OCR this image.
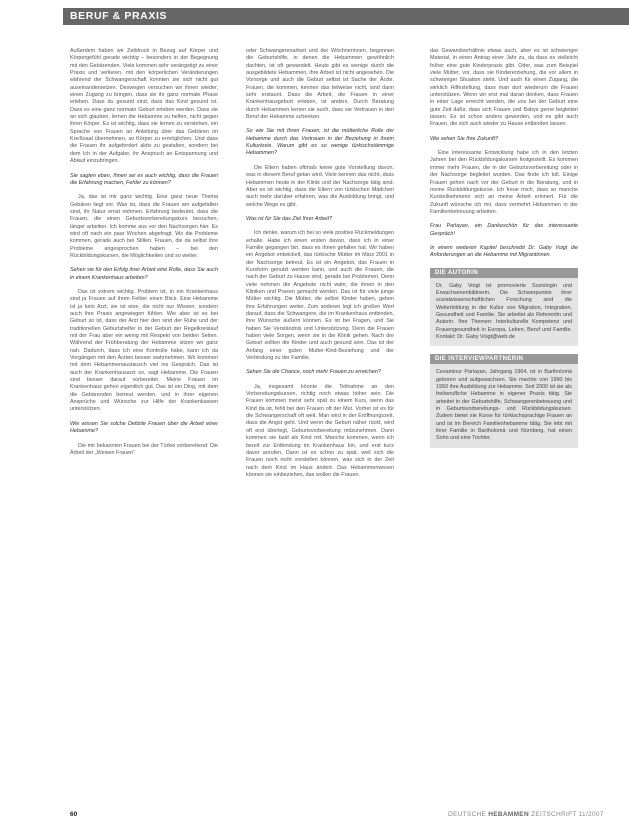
BERUF & PRAXIS

Außerdem haben wir Zeitdruck in Bezug auf Körper und Körpergefühl gerade wichtig – besonders in der Begegnung mit den Gebärenden. Viele kommen sehr verängstigt zu einer Praxis und verlieren, mit den körperlichen Veränderungen während der Schwangerschaft konnten sie sich nicht gut auseinandersetzen. Deswegen versuchen wir ihnen wieder, einen Zugang zu bringen, dass sie ihr ganz normale Phase erleben. Dass du gesund sind, dass das Kind gesund ist. Dass es eine ganz normale Geburt erleben werden. Dass sie an sich glauben, lernen die Hebamme zu helfen, nicht gegen ihren Körper. Es ist wichtig, dass sie lernen zu verstehen, ein Sprache von Frauen an Anleitung über das Gebären im Kreißsaal übernehmen, so Körper zu ermöglichen. Und dass die Frauen ihr aufgefordert aktiv zu gestalten, sondern bei dem Ich in der Aufgabe, ihr Anspruch an Entspannung und Ablauf einzubringen.

Sie sagten eben, Ihnen sei es auch wichtig, dass die Frauen die Erfahrung machen, Fehler zu können?

Ja, das ist mir ganz wichtig. Eine ganz neue Thema Gebären liegt vor. Was ist, dass die Frauen am aufgefallen sind, ihr Natur ernst nehmen. Erfahrung bedeutet, dass die Frauen, die einen Geburtsvorbereitungskurs besuchen, länger arbeiten. Ich komme aus vor den Nachsorgen hier. Es wird oft nach ein paar Wochen abgefragt. Wo die Probleme kommen, gerade auch bei Stillen. Frauen, die da selbst ihre Probleme angesprochen haben – bei den Rückbildungskursen, die Möglichkeiten und so weiter.

Sehen sie für den Erfolg ihrer Arbeit eine Rolle, dass Sie auch in einem Krankenhaus arbeiten?

Das ist extrem wichtig. Problem ist, in ein Krankenhaus sind ja Frauen auf ihren Fehler einen Blick. Eine Hebamme ist ja kein Arzt, sie ist eine, die nicht nur Wissen, sondern auch ihre Praxis angewiegen fühlen. Wie aber ist es bei Geburt so ist, dass der Arzt hier den sind der Ruhe und der traditionellen Geburtshelfer in der Geburt der Regelkreislauf mit der Frau aber ein wenig mit Respekt von beiden Seiten. Während der Frühberatung der Hebamme sitzen wir ganz nah. Dadurch, dass ich eine Kontrolle habe, kann ich da Vorgängen mit den Ärzten besser wahrnehmen. Wir kommen mit dem Hebammenaustausch viel ins Gespräch. Das ist auch der Krankenhausarzt so, sagt Hebamme. Die Frauen sind besser darauf vorbereitet. Meine Frauen im Krankenhaus gehen eigentlich gut. Das ist ein Ding, mit dem die Gebärenden betreut werden, und in ihrer eigenen Ansprüche und Wünsche zur Hilfe der Krankenkassen unterstützen.

Wie wissen Sie solche Defizite Frauen über die Arbeit einer Hebamme?

Die mir bekannten Frauen bei der Türkei vorbereitend: Die Arbeit der „Weisen Frauen“

oder Schwangerenarbeit und der Wöchnerinnen, begonnen die Geburtshilfe, in denen die Hebammen gewöhnlich dachten, ist oft gewandelt. Heute gibt es wenige durch die ausgebildete Hebammen, ihre Arbeit ist nicht angesehen. Die Vorsorge und auch die Geburt selbst ist Sache der Ärzte. Frauen, die kommen, kennen das teilweise nicht, sind dann sehr erstaunt. Dass die Arbeit, die Frauen in einer Krankenhausgeburt erleben, ist anders. Durch Beratung durch Hebammen lernen sie auch, dass sie Vertrauen in den Beruf der Hebamme schenken.

So wie Sie mit Ihren Frauen, ist die mütterliche Rolle der Hebamme durch das Vertrauen in der Beziehung in ihrem Kulturkreis. Warum gibt es so wenige türkischstämmige Hebammen?

Die Eltern haben oftmals keine gute Vorstellung davon, was in diesem Beruf getan wird. Viele kennen das nicht, dass Hebammen heute in der Klinik und der Nachsorge tätig sind. Aber es ist wichtig, dass die Eltern von türkischen Mädchen auch mehr darüber erfahren, was die Ausbildung bringt, und welche Wege es gibt.

Was ist für Sie das Ziel Ihrer Arbeit?

Ich denke, warum ich bei so viele positive Rückmeldungen erhalte. Habe ich einen ersten davon, dass ich in einer Familie gegangen bin, dass es ihnen gefallen hat. Wir haben ein Angebot entwickelt, das türkische Mütter im März 2001 in der Nachsorge betreut. Es ist ein Angebot, das Frauen in Kursform genutzt werden kann, und auch die Frauen, die nach der Geburt zu Hause sind, gerade bei Problemen. Denn viele nehmen die Angebote nicht wahr, die ihnen in den Kliniken und Praxen gemacht werden. Das ist für viele junge Mütter wichtig. Die Mütter, die selbst Kinder haben, geben ihre Erfahrungen weiter. Zum anderen legt ich großen Wert darauf, dass die Schwangere, die im Krankenhaus entbinden, ihre Wünsche äußern können. Es ist bei Fragen, und Sie haben Sie Verständnis und Unterstützung. Denn die Frauen haben viele Sorgen, wenn sie in die Klinik gehen. Nach der Geburt sollten die Kinder und auch gesund sein. Das ist der Anfang einer guten Mutter-Kind-Beziehung und der Verbindung zu der Familie.

Sehen Sie die Chance, noch mehr Frauen zu erreichen?

Ja, insgesamt könnte die Teilnahme an den Vorbereitungskursen, richtig noch etwas höher sein. Die Frauen kommen meist sehr spät zu einem Kurs, wenn das Kind da ist, fehlt bei den Frauen oft der Mut. Vorher ist es für die Schwangerschaft oft weit. Man wird in der Eröffnungszeit, dass die Angst geht. Und wenn die Geburt näher rückt, wird oft erst überlegt, Geburtsvorbereitung mitzunehmen. Dann kommen sie bald als Kind mit. Manche kommen, wenn ich bereit zur Entbindung im Krankenhaus bin, und erst kurz davor anrufen. Dann ist es schon zu spät, weil sich die Frauen noch nicht vorstellen können, was sich in der Zeit nach dem Kind im Haus ändert. Das Hebammenwesen können sie einbeziehen, das wollen die Frauen.

das Gewandverhältnis etwas auch, aber es ist schwieriger Material, in einen Antrag einer Jahr zu, da dass es vielleicht früher eine gute Kinderpraxis gibt. Oder, was zum Beispiel viele Mütter, vor, dass sie Kindererziehung, die vor allem in schwieriger Situation steht. Und auch für einen Zugang, die wirklich Hilfestellung, dass man dort wiederum die Frauen unterstützen. Wenn wir erst mal daran denken, dass Frauen in einer Lage erreicht werden, die uns bei der Geburt eine gute Zeit dafür, dass sich Frauen und Babys gerne begleiten lassen. Es ist schon anders geworden, und es gibt auch Frauen, die sich auch wieder zu Hause entbinden lassen.

Wie sehen Sie Ihre Zukunft?

Eine interessante Entwicklung habe ich in den letzten Jahren bei den Rückbildungskursen festgestellt. Es kommen immer mehr Frauen, die in der Geburtsvorbereitung oder in der Nachsorge begleitet wurden. Das finde ich toll. Einige Frauen gehen nach vor der Geburt in die Beratung, und in meine Rückbildungskurse. Ich freue mich, dass so manche Kursteilnehmerin sich an meine Arbeit erinnert. Für die Zukunft wünsche ich mir, dass vermehrt Hebammen in der Familienbetreuung arbeiten.

Frau Parlayan, ein Dankeschön für das interessante Gespräch!

In einem weiteren Kapitel beschreibt Dr. Gaby Voigt die Anforderungen an die Hebamme mit Migrantinnen.

DIE AUTORIN
Dr. Gaby Voigt ist promovierte Soziologin und Erwachsenenbildnerin. Die Schwerpunkte ihrer sozialwissenschaftlichen Forschung sind die Weiterbildung in der Kultur von Migration, Integration, Gesundheit und Familie. Sie arbeitet als Referentin und Autorin. Ihre Themen: Interkulturelle Kompetenz und Frauengesundheit in Europa, Leben, Beruf und Familie. Kontakt: Dr. Gaby Voigt@web.de
DIE INTERVIEWPARTNERIN
Cesaminur Parlayan, Jahrgang 1964, ist in Bartholomä geboren und aufgewachsen. Sie machte von 1990 bis 1993 ihre Ausbildung zur Hebamme. Seit 2000 ist sie als freiberufliche Hebamme in eigener Praxis tätig. Sie arbeitet in der Geburtshilfe, Schwangerenbetreuung und in Geburtsvorbereitungs- und Rückbildungskursen. Zudem bietet sie Kurse für türkischsprachige Frauen an und ist im Bereich Familienhebamme tätig. Sie lebt mit ihrer Familie in Bartholomä und Nürnberg, hat einen Sohn und eine Tochter.
60	DEUTSCHE HEBAMMEN ZEITSCHRIFT 11/2007
